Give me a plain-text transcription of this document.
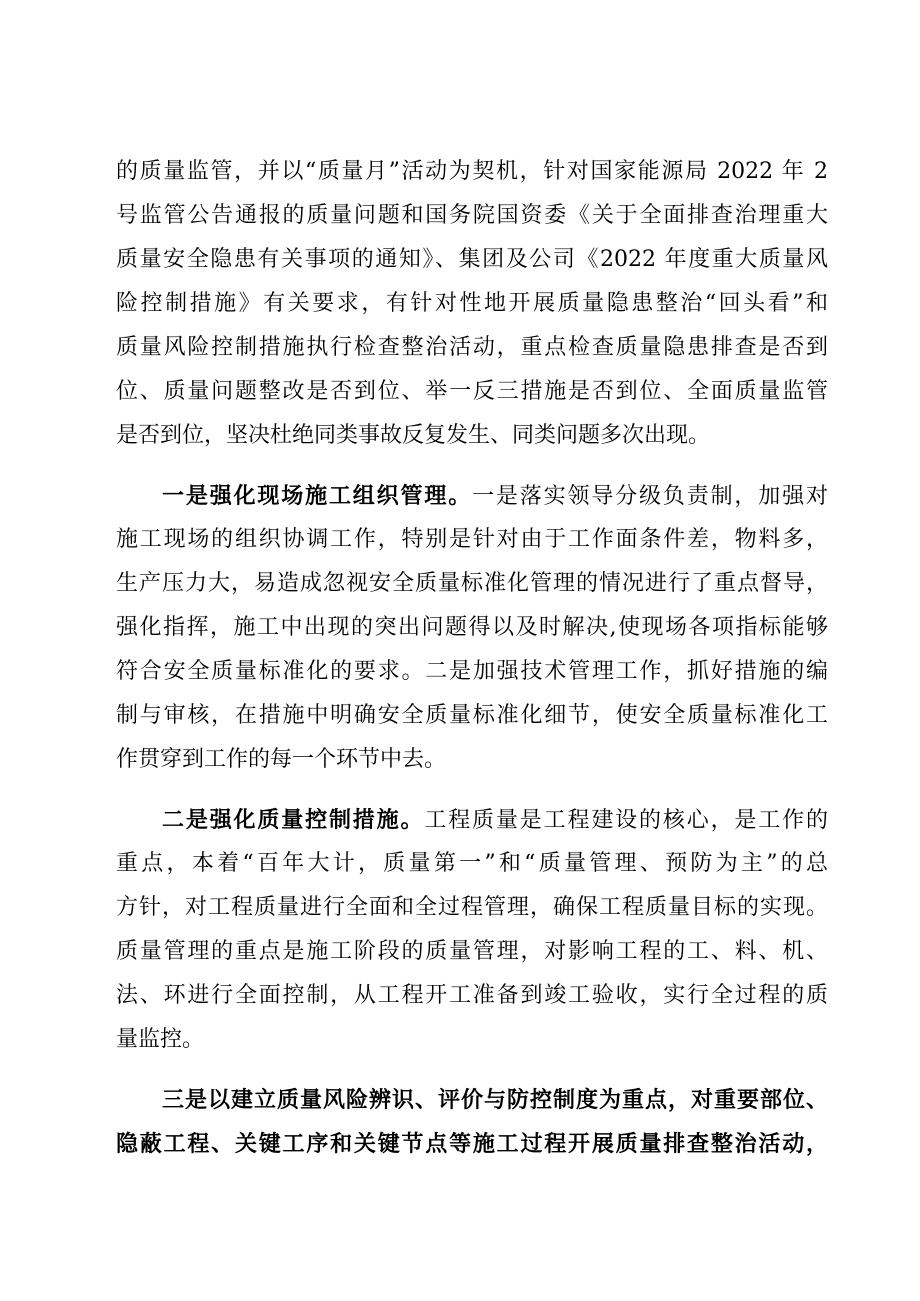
的质量监管，并以“质量月”活动为契机，针对国家能源局 2022 年 2
号监管公告通报的质量问题和国务院国资委《关于全面排查治理重大
质量安全隐患有关事项的通知》、集团及公司《2022 年度重大质量风
险控制措施》有关要求，有针对性地开展质量隐患整治“回头看”和
质量风险控制措施执行检查整治活动，重点检查质量隐患排查是否到
位、质量问题整改是否到位、举一反三措施是否到位、全面质量监管
是否到位，坚决杜绝同类事故反复发生、同类问题多次出现。
一是强化现场施工组织管理。一是落实领导分级负责制，加强对
施工现场的组织协调工作，特别是针对由于工作面条件差，物料多，
生产压力大，易造成忽视安全质量标准化管理的情况进行了重点督导，
强化指挥，施工中出现的突出问题得以及时解决,使现场各项指标能够
符合安全质量标准化的要求。二是加强技术管理工作，抓好措施的编
制与审核，在措施中明确安全质量标准化细节，使安全质量标准化工
作贯穿到工作的每一个环节中去。
二是强化质量控制措施。工程质量是工程建设的核心，是工作的
重点，本着“百年大计，质量第一”和“质量管理、预防为主”的总
方针，对工程质量进行全面和全过程管理，确保工程质量目标的实现。
质量管理的重点是施工阶段的质量管理，对影响工程的工、料、机、
法、环进行全面控制，从工程开工准备到竣工验收，实行全过程的质
量监控。
三是以建立质量风险辨识、评价与防控制度为重点，对重要部位、
隐蔽工程、关键工序和关键节点等施工过程开展质量排查整治活动，
